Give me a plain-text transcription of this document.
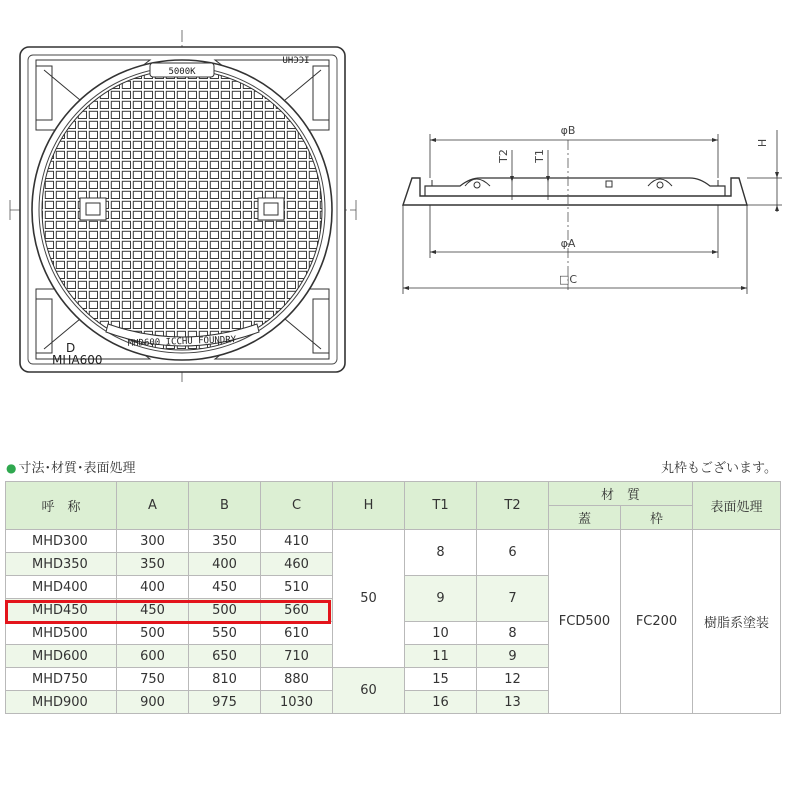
5000K
ICCHU
MHD600 ICCHU FOUNDRY
D
MHA600
φB
φA
□C
H
T2 T1
● 寸法･材質･表面処理	丸枠もございます。
呼　称	A	B	C	H	T1	T2	材　質		表面処理
							蓋	枠	
MHD300	300	350	410	50	8	6	FCD500	FC200	樹脂系塗装
MHD350	350	400	460						
MHD400	400	450	510		9	7			
MHD450	450	500	560						
MHD500	500	550	610		10	8			
MHD600	600	650	710		11	9			
MHD750	750	810	880	60	15	12			
MHD900	900	975	1030		16	13			
